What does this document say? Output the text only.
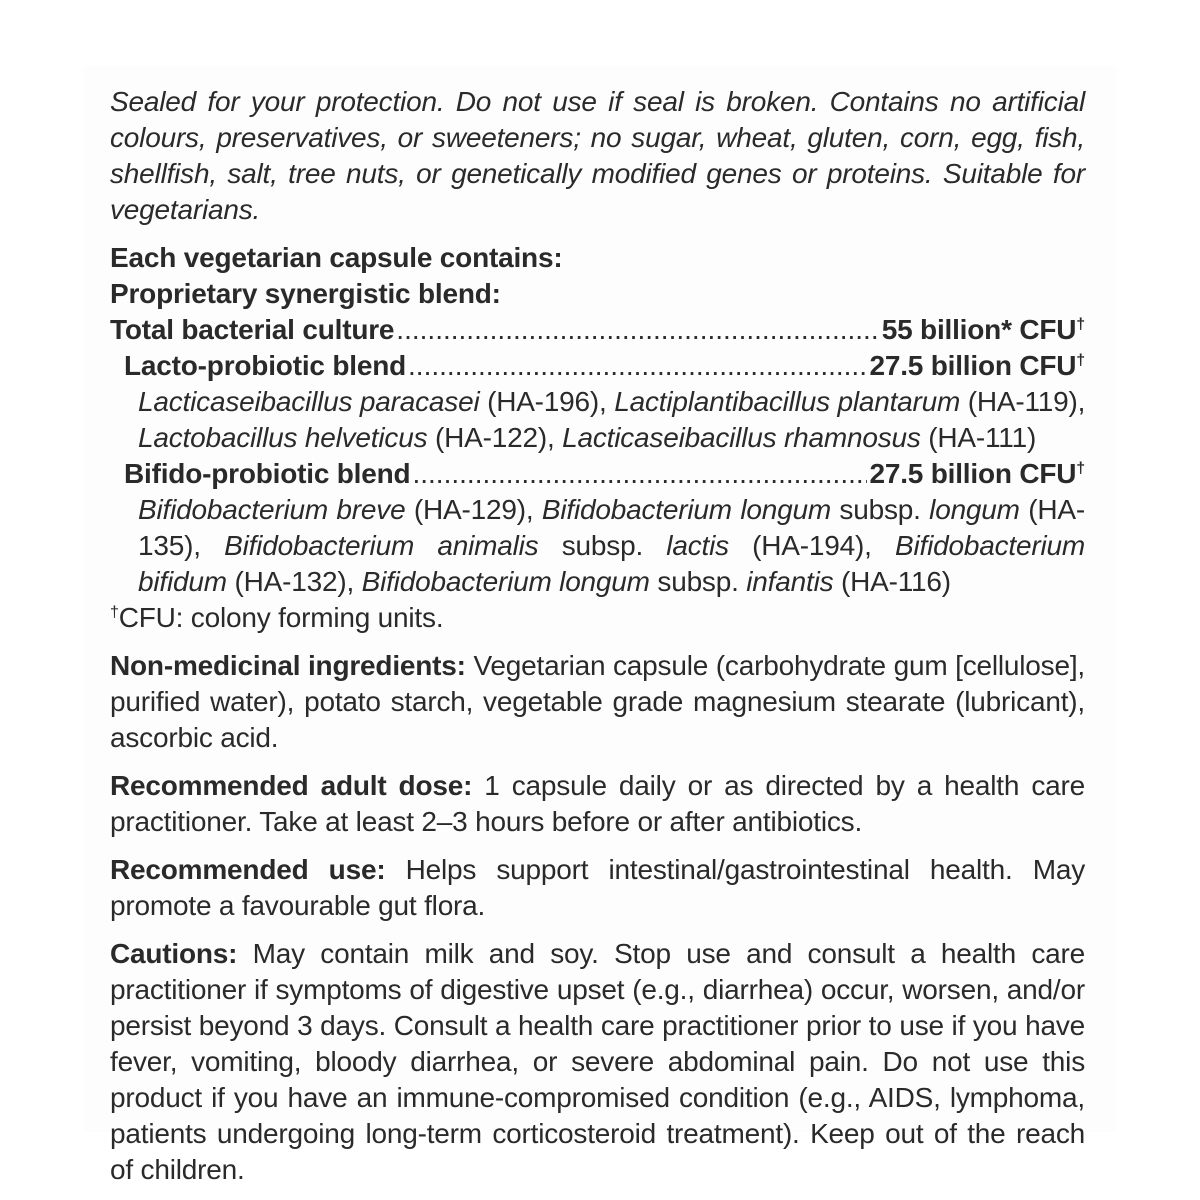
Sealed for your protection. Do not use if seal is broken. Contains no artificial colours, preservatives, or sweeteners; no sugar, wheat, gluten, corn, egg, fish, shellfish, salt, tree nuts, or genetically modified genes or proteins. Suitable for vegetarians.

Each vegetarian capsule contains:
Proprietary synergistic blend:
Total bacterial culture .....	55 billion* CFU†
Lacto-probiotic blend .....	27.5 billion CFU†
Lacticaseibacillus paracasei (HA-196), Lactiplantibacillus plantarum (HA-119),
Lactobacillus helveticus (HA-122), Lacticaseibacillus rhamnosus (HA-111)
Bifido-probiotic blend .....	27.5 billion CFU†
Bifidobacterium breve (HA-129), Bifidobacterium longum subsp. longum (HA-135), Bifidobacterium animalis subsp. lactis (HA-194), Bifidobacterium bifidum (HA-132), Bifidobacterium longum subsp. infantis (HA-116)
†CFU: colony forming units.

Non-medicinal ingredients: Vegetarian capsule (carbohydrate gum [cellulose], purified water), potato starch, vegetable grade magnesium stearate (lubricant), ascorbic acid.

Recommended adult dose: 1 capsule daily or as directed by a health care practitioner. Take at least 2–3 hours before or after antibiotics.

Recommended use: Helps support intestinal/gastrointestinal health. May promote a favourable gut flora.

Cautions: May contain milk and soy. Stop use and consult a health care practitioner if symptoms of digestive upset (e.g., diarrhea) occur, worsen, and/or persist beyond 3 days. Consult a health care practitioner prior to use if you have fever, vomiting, bloody diarrhea, or severe abdominal pain. Do not use this product if you have an immune-compromised condition (e.g., AIDS, lymphoma, patients undergoing long-term corticosteroid treatment). Keep out of the reach of children.
